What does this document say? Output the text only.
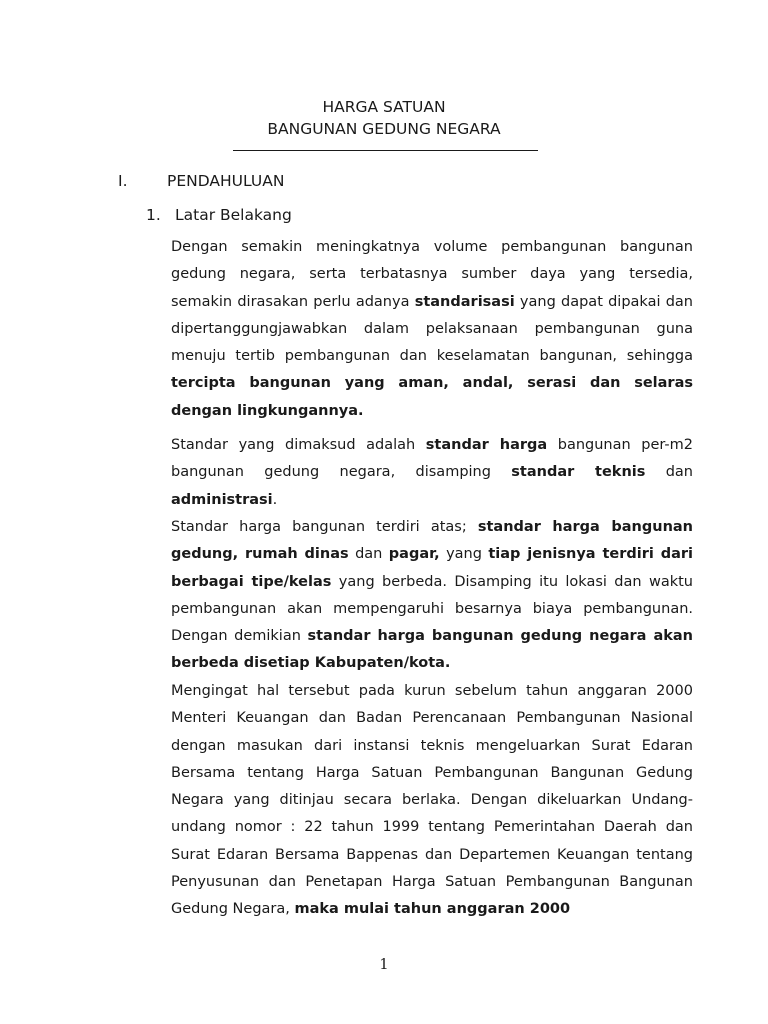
HARGA SATUAN
BANGUNAN GEDUNG NEGARA
I.	PENDAHULUAN
1. Latar Belakang

Dengan semakin meningkatnya volume pembangunan bangunan gedung negara, serta terbatasnya sumber daya yang tersedia, semakin dirasakan perlu adanya standarisasi yang dapat dipakai dan dipertanggungjawabkan dalam pelaksanaan pembangunan guna menuju tertib pembangunan dan keselamatan bangunan, sehingga tercipta bangunan yang aman, andal, serasi dan selaras dengan lingkungannya.

Standar yang dimaksud adalah standar harga bangunan per-m2 bangunan gedung negara, disamping standar teknis dan administrasi.

Standar harga bangunan terdiri atas; standar harga bangunan gedung, rumah dinas dan pagar, yang tiap jenisnya terdiri dari berbagai tipe/kelas yang berbeda. Disamping itu lokasi dan waktu pembangunan akan mempengaruhi besarnya biaya pembangunan. Dengan demikian standar harga bangunan gedung negara akan berbeda disetiap Kabupaten/kota.

Mengingat hal tersebut pada kurun sebelum tahun anggaran 2000 Menteri Keuangan dan Badan Perencanaan Pembangunan Nasional dengan masukan dari instansi teknis mengeluarkan Surat Edaran Bersama tentang Harga Satuan Pembangunan Bangunan Gedung Negara yang ditinjau secara berlaka. Dengan dikeluarkan Undang-undang nomor : 22 tahun 1999 tentang Pemerintahan Daerah dan Surat Edaran Bersama Bappenas dan Departemen Keuangan tentang Penyusunan dan Penetapan Harga Satuan Pembangunan Bangunan Gedung Negara, maka mulai tahun anggaran 2000

1
